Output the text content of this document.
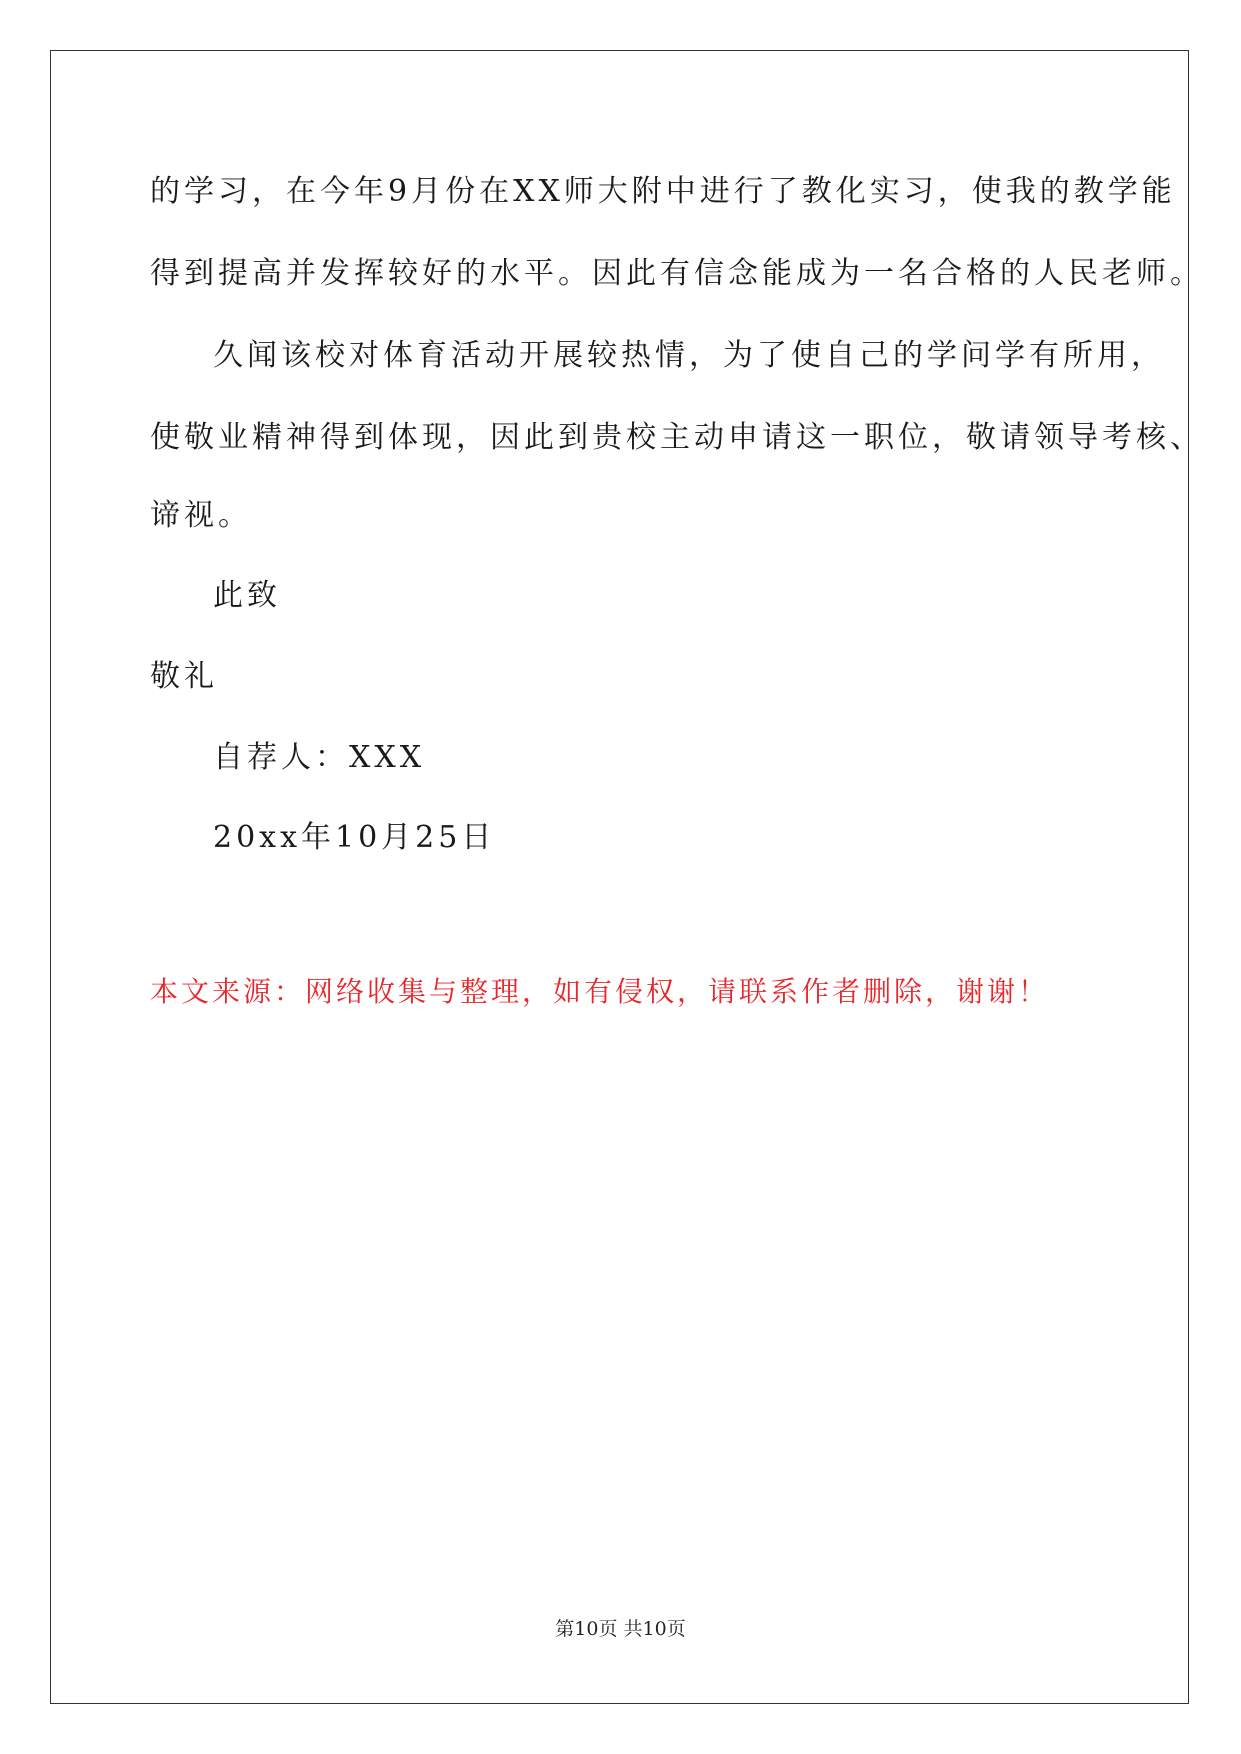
的学习，在今年9月份在XX师大附中进行了教化实习，使我的教学能
得到提高并发挥较好的水平。因此有信念能成为一名合格的人民老师。
久闻该校对体育活动开展较热情，为了使自己的学问学有所用，
使敬业精神得到体现，因此到贵校主动申请这一职位，敬请领导考核、
谛视。
此致
敬礼
自荐人：XXX
20xx年10月25日
本文来源：网络收集与整理，如有侵权，请联系作者删除，谢谢！
第10页 共10页
